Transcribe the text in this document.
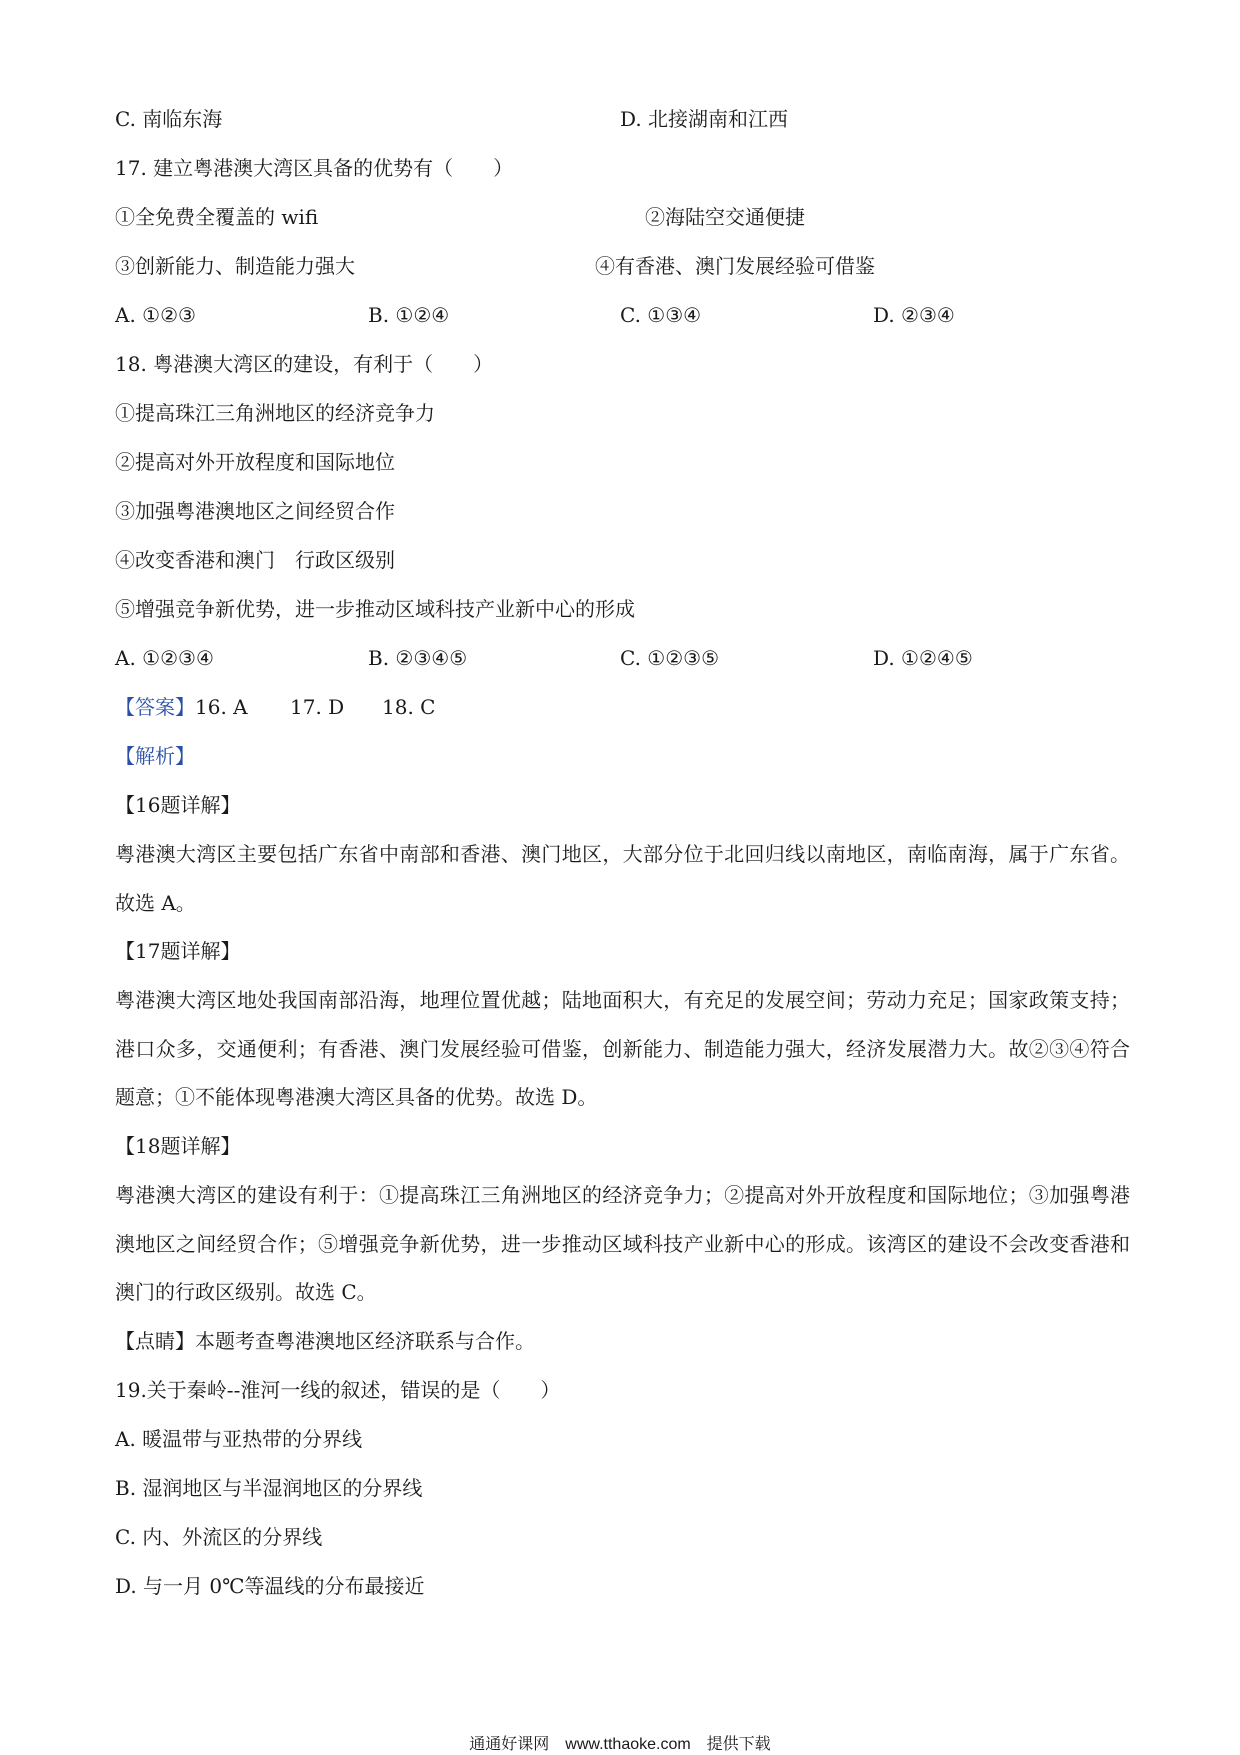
C. 南临东海	D. 北接湖南和江西
17. 建立粤港澳大湾区具备的优势有（　　）
①全免费全覆盖的 wifi	②海陆空交通便捷
③创新能力、制造能力强大	④有香港、澳门发展经验可借鉴
A. ①②③	B. ①②④	C. ①③④	D. ②③④
18. 粤港澳大湾区的建设，有利于（　　）
①提高珠江三角洲地区的经济竞争力
②提高对外开放程度和国际地位
③加强粤港澳地区之间经贸合作
④改变香港和澳门　行政区级别
⑤增强竞争新优势，进一步推动区域科技产业新中心的形成
A. ①②③④	B. ②③④⑤	C. ①②③⑤	D. ①②④⑤
【答案】16. A 17. D 18. C
【解析】
【16题详解】
粤港澳大湾区主要包括广东省中南部和香港、澳门地区，大部分位于北回归线以南地区，南临南海，属于广东省。故选 A。
【17题详解】
粤港澳大湾区地处我国南部沿海，地理位置优越；陆地面积大，有充足的发展空间；劳动力充足；国家政策支持；港口众多，交通便利；有香港、澳门发展经验可借鉴，创新能力、制造能力强大，经济发展潜力大。故②③④符合题意；①不能体现粤港澳大湾区具备的优势。故选 D。
【18题详解】
粤港澳大湾区的建设有利于：①提高珠江三角洲地区的经济竞争力；②提高对外开放程度和国际地位；③加强粤港澳地区之间经贸合作；⑤增强竞争新优势，进一步推动区域科技产业新中心的形成。该湾区的建设不会改变香港和澳门的行政区级别。故选 C。
【点睛】本题考查粤港澳地区经济联系与合作。
19.关于秦岭--淮河一线的叙述，错误的是（　　）
A. 暖温带与亚热带的分界线
B. 湿润地区与半湿润地区的分界线
C. 内、外流区的分界线
D. 与一月 0℃等温线的分布最接近
通通好课网　www.tthaoke.com　提供下载
